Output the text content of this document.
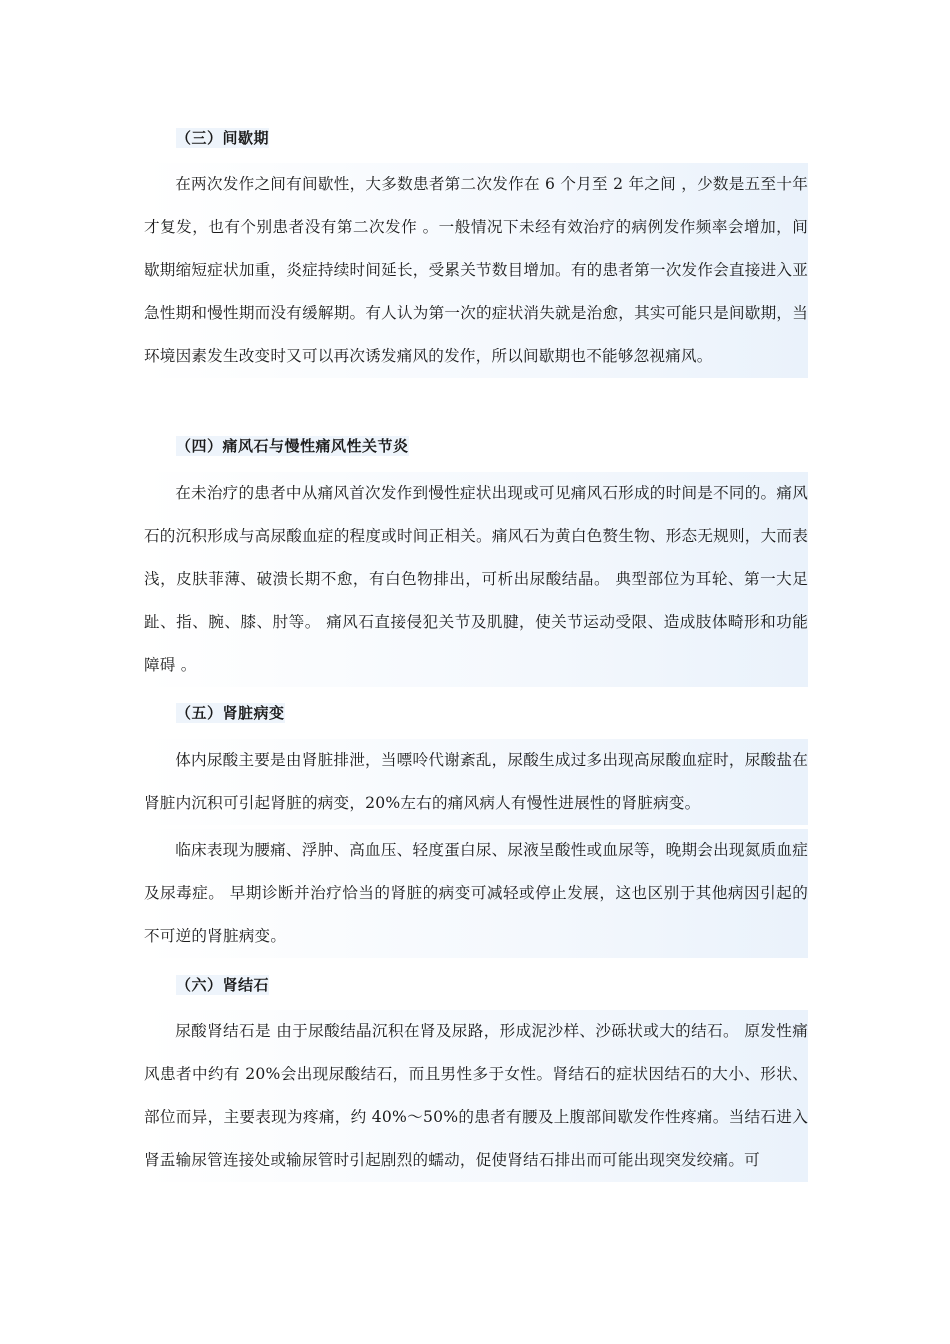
（三）间歇期

在两次发作之间有间歇性，大多数患者第二次发作在 6 个月至 2 年之间 ，少数是五至十年才复发，也有个别患者没有第二次发作 。一般情况下未经有效治疗的病例发作频率会增加，间歇期缩短症状加重，炎症持续时间延长，受累关节数目增加。有的患者第一次发作会直接进入亚急性期和慢性期而没有缓解期。有人认为第一次的症状消失就是治愈，其实可能只是间歇期，当环境因素发生改变时又可以再次诱发痛风的发作，所以间歇期也不能够忽视痛风。

（四）痛风石与慢性痛风性关节炎

在未治疗的患者中从痛风首次发作到慢性症状出现或可见痛风石形成的时间是不同的。痛风石的沉积形成与高尿酸血症的程度或时间正相关。痛风石为黄白色赘生物、形态无规则，大而表浅，皮肤菲薄、破溃长期不愈，有白色物排出，可析出尿酸结晶。 典型部位为耳轮、第一大足趾、指、腕、膝、肘等。 痛风石直接侵犯关节及肌腱，使关节运动受限、造成肢体畸形和功能障碍 。

（五）肾脏病变

体内尿酸主要是由肾脏排泄，当嘌呤代谢紊乱，尿酸生成过多出现高尿酸血症时，尿酸盐在肾脏内沉积可引起肾脏的病变，20%左右的痛风病人有慢性进展性的肾脏病变。

临床表现为腰痛、浮肿、高血压、轻度蛋白尿、尿液呈酸性或血尿等，晚期会出现氮质血症及尿毒症。 早期诊断并治疗恰当的肾脏的病变可减轻或停止发展，这也区别于其他病因引起的不可逆的肾脏病变。

（六）肾结石

尿酸肾结石是 由于尿酸结晶沉积在肾及尿路，形成泥沙样、沙砾状或大的结石。 原发性痛风患者中约有 20%会出现尿酸结石，而且男性多于女性。肾结石的症状因结石的大小、形状、部位而异，主要表现为疼痛，约 40%～50%的患者有腰及上腹部间歇发作性疼痛。当结石进入肾盂输尿管连接处或输尿管时引起剧烈的蠕动，促使肾结石排出而可能出现突发绞痛。可
